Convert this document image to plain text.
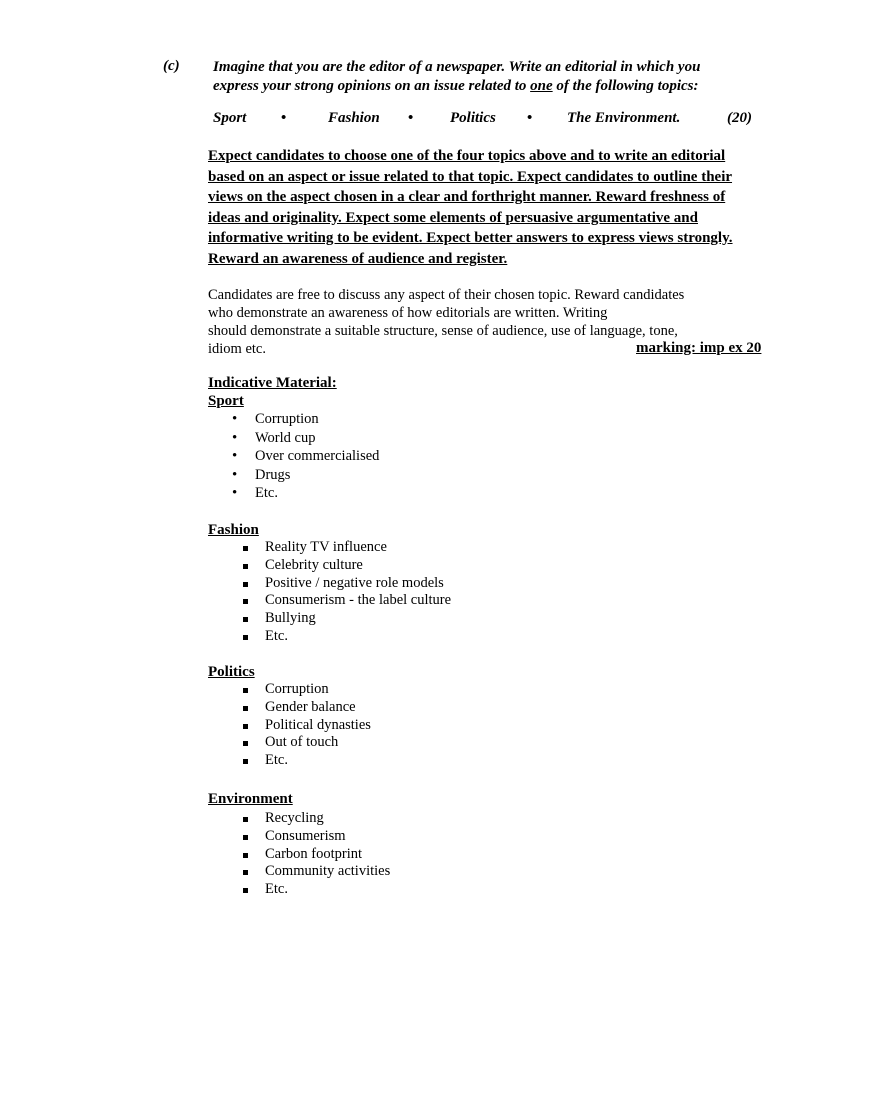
(c) Imagine that you are the editor of a newspaper. Write an editorial in which you
express your strong opinions on an issue related to one of the following topics:
Sport •	Fashion • Politics • The Environment.	(20)
Expect candidates to choose one of the four topics above and to write an editorial
based on an aspect or issue related to that topic. Expect candidates to outline their
views on the aspect chosen in a clear and forthright manner. Reward freshness of
ideas and originality. Expect some elements of persuasive argumentative and
informative writing to be evident. Expect better answers to express views strongly.
Reward an awareness of audience and register.
Candidates are free to discuss any aspect of their chosen topic. Reward candidates
who demonstrate an awareness of how editorials are written. Writing
should demonstrate a suitable structure, sense of audience, use of language, tone,
idiom etc.	marking: imp ex 20
Indicative Material:
Sport
• Corruption
• World cup
• Over commercialised
• Drugs
• Etc.
Fashion
Reality TV influence
Celebrity culture
Positive / negative role models
Consumerism - the label culture
Bullying
Etc.
Politics
Corruption
Gender balance
Political dynasties
Out of touch
Etc.
Environment
Recycling
Consumerism
Carbon footprint
Community activities
Etc.
